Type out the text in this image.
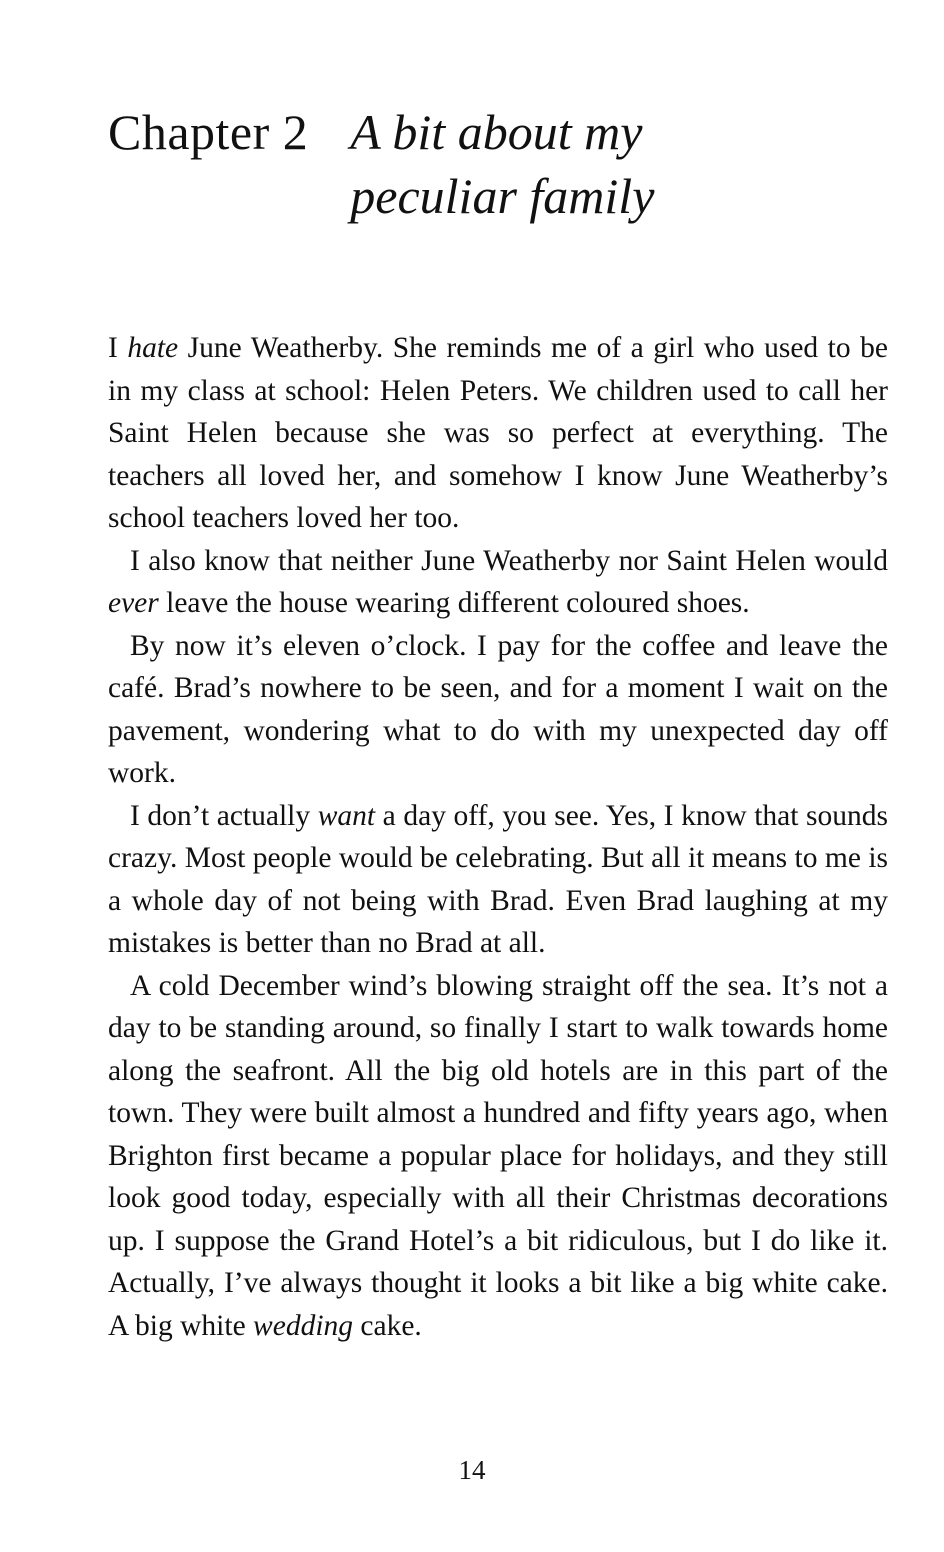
Chapter 2 A bit about my peculiar family

I hate June Weatherby. She reminds me of a girl who used to be in my class at school: Helen Peters. We children used to call her Saint Helen because she was so perfect at everything. The teachers all loved her, and somehow I know June Weatherby’s school teachers loved her too.

I also know that neither June Weatherby nor Saint Helen would ever leave the house wearing different coloured shoes.

By now it’s eleven o’clock. I pay for the coffee and leave the café. Brad’s nowhere to be seen, and for a moment I wait on the pavement, wondering what to do with my unexpected day off work.

I don’t actually want a day off, you see. Yes, I know that sounds crazy. Most people would be celebrating. But all it means to me is a whole day of not being with Brad. Even Brad laughing at my mistakes is better than no Brad at all.

A cold December wind’s blowing straight off the sea. It’s not a day to be standing around, so finally I start to walk towards home along the seafront. All the big old hotels are in this part of the town. They were built almost a hundred and fifty years ago, when Brighton first became a popular place for holidays, and they still look good today, especially with all their Christmas decorations up. I suppose the Grand Hotel’s a bit ridiculous, but I do like it. Actually, I’ve always thought it looks a bit like a big white cake. A big white wedding cake.

14
